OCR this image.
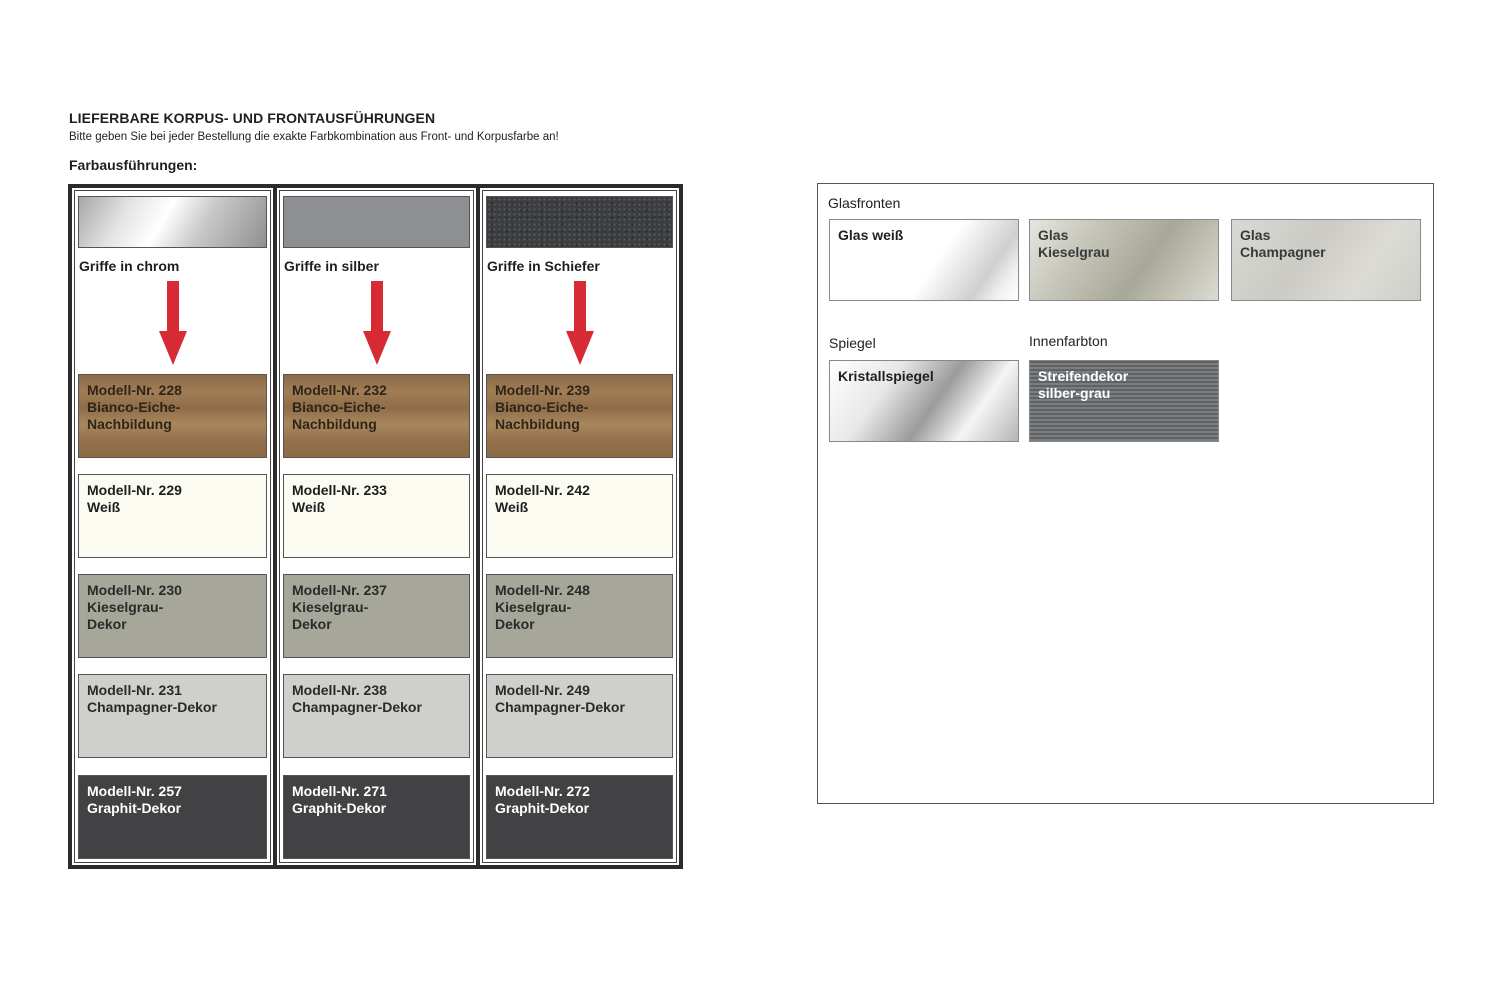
LIEFERBARE KORPUS- UND FRONTAUSFÜHRUNGEN
Bitte geben Sie bei jeder Bestellung die exakte Farbkombination aus Front- und Korpusfarbe an!
Farbausführungen:
Griffe in chrom
Modell-Nr. 228
Bianco-Eiche-
Nachbildung
Modell-Nr. 229
Weiß
Modell-Nr. 230
Kieselgrau-
Dekor
Modell-Nr. 231
Champagner-Dekor
Modell-Nr. 257
Graphit-Dekor
Griffe in silber
Modell-Nr. 232
Bianco-Eiche-
Nachbildung
Modell-Nr. 233
Weiß
Modell-Nr. 237
Kieselgrau-
Dekor
Modell-Nr. 238
Champagner-Dekor
Modell-Nr. 271
Graphit-Dekor
Griffe in Schiefer
Modell-Nr. 239
Bianco-Eiche-
Nachbildung
Modell-Nr. 242
Weiß
Modell-Nr. 248
Kieselgrau-
Dekor
Modell-Nr. 249
Champagner-Dekor
Modell-Nr. 272
Graphit-Dekor
Glasfronten
Glas weiß	Glas
Kieselgrau
Glas
Champagner
Spiegel
Kristallspiegel
Innenfarbton
Streifendekor
silber-grau
